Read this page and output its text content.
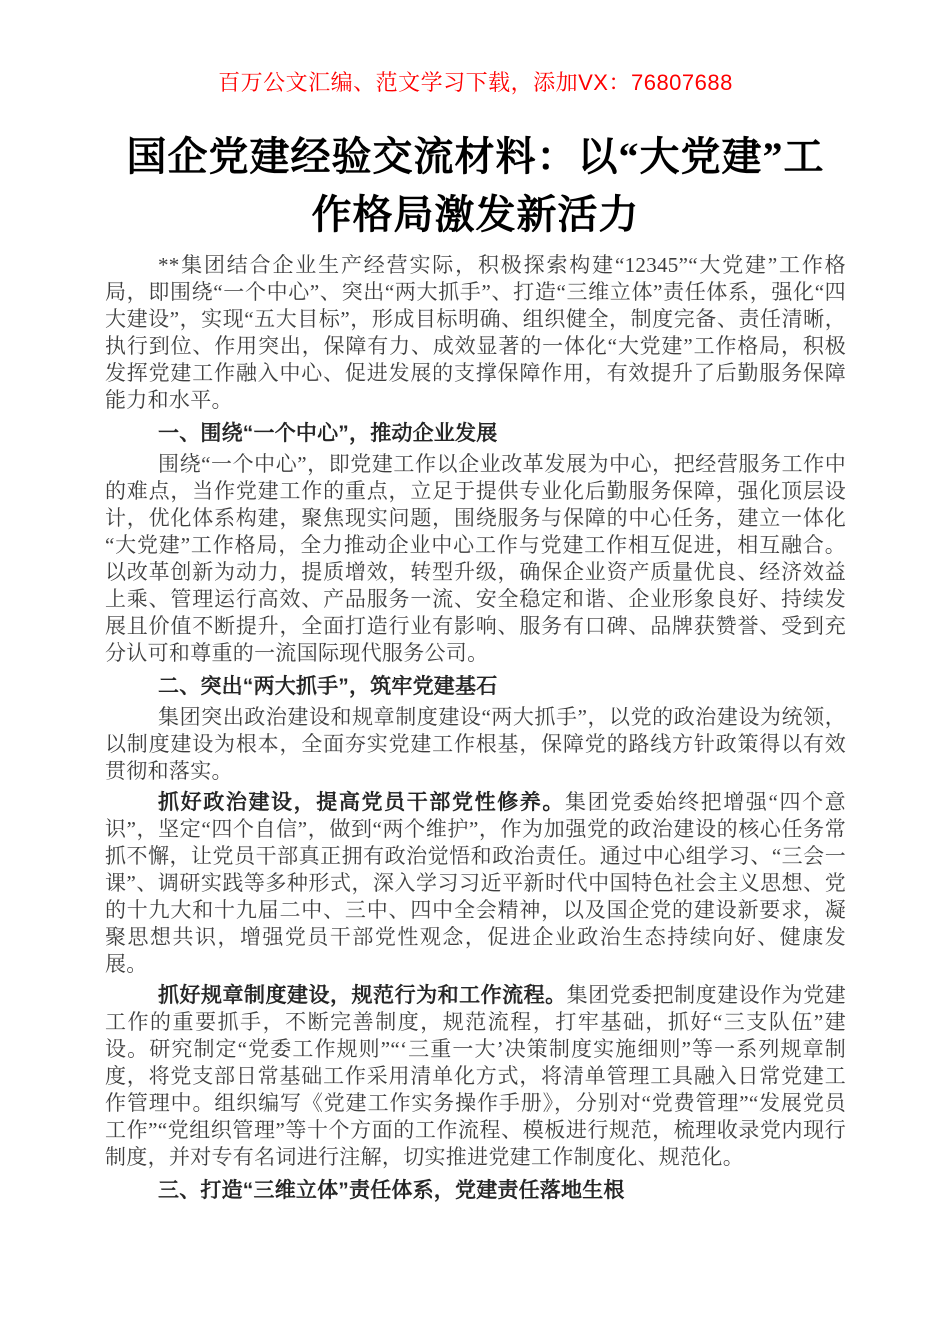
百万公文汇编、范文学习下载，添加VX：76807688
国企党建经验交流材料：以“大党建”工作格局激发新活力

**集团结合企业生产经营实际，积极探索构建“12345”“大党建”工作格局，即围绕“一个中心”、突出“两大抓手”、打造“三维立体”责任体系，强化“四大建设”，实现“五大目标”，形成目标明确、组织健全，制度完备、责任清晰，执行到位、作用突出，保障有力、成效显著的一体化“大党建”工作格局，积极发挥党建工作融入中心、促进发展的支撑保障作用，有效提升了后勤服务保障能力和水平。

一、围绕“一个中心”，推动企业发展

围绕“一个中心”，即党建工作以企业改革发展为中心，把经营服务工作中的难点，当作党建工作的重点，立足于提供专业化后勤服务保障，强化顶层设计，优化体系构建，聚焦现实问题，围绕服务与保障的中心任务，建立一体化“大党建”工作格局，全力推动企业中心工作与党建工作相互促进，相互融合。以改革创新为动力，提质增效，转型升级，确保企业资产质量优良、经济效益上乘、管理运行高效、产品服务一流、安全稳定和谐、企业形象良好、持续发展且价值不断提升，全面打造行业有影响、服务有口碑、品牌获赞誉、受到充分认可和尊重的一流国际现代服务公司。

二、突出“两大抓手”，筑牢党建基石

集团突出政治建设和规章制度建设“两大抓手”，以党的政治建设为统领，以制度建设为根本，全面夯实党建工作根基，保障党的路线方针政策得以有效贯彻和落实。

抓好政治建设，提高党员干部党性修养。集团党委始终把增强“四个意识”，坚定“四个自信”，做到“两个维护”，作为加强党的政治建设的核心任务常抓不懈，让党员干部真正拥有政治觉悟和政治责任。通过中心组学习、“三会一课”、调研实践等多种形式，深入学习习近平新时代中国特色社会主义思想、党的十九大和十九届二中、三中、四中全会精神，以及国企党的建设新要求，凝聚思想共识，增强党员干部党性观念，促进企业政治生态持续向好、健康发展。

抓好规章制度建设，规范行为和工作流程。集团党委把制度建设作为党建工作的重要抓手，不断完善制度，规范流程，打牢基础，抓好“三支队伍”建设。研究制定“党委工作规则”“‘三重一大’决策制度实施细则”等一系列规章制度，将党支部日常基础工作采用清单化方式，将清单管理工具融入日常党建工作管理中。组织编写《党建工作实务操作手册》，分别对“党费管理”“发展党员工作”“党组织管理”等十个方面的工作流程、模板进行规范，梳理收录党内现行制度，并对专有名词进行注解，切实推进党建工作制度化、规范化。

三、打造“三维立体”责任体系，党建责任落地生根
